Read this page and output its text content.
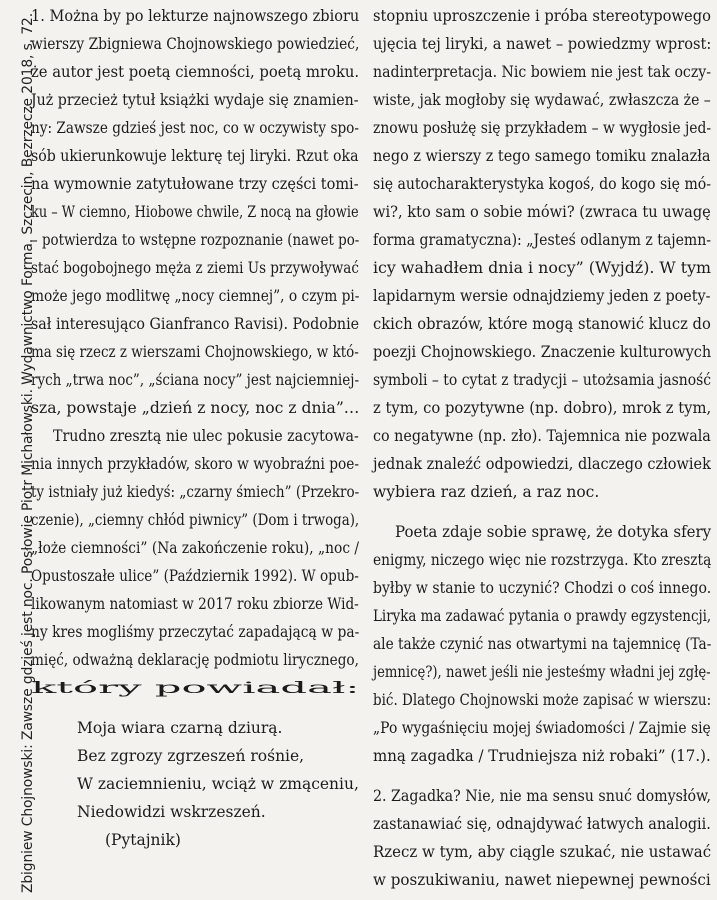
Zbigniew Chojnowski: Zawsze gdzieś jest noc. Posłowie Piotr Michałowski. Wydawnictwo Forma. Szczecin, Bezrzecze 2018, s. 72.

1. Można by po lekturze najnowszego zbioru

wierszy Zbigniewa Chojnowskiego powiedzieć,

że autor jest poetą ciemności, poetą mroku.

Już przecież tytuł książki wydaje się znamien-

ny: Zawsze gdzieś jest noc, co w oczywisty spo-

sób ukierunkowuje lekturę tej liryki. Rzut oka

na wymownie zatytułowane trzy części tomi-

ku – W ciemno, Hiobowe chwile, Z nocą na głowie

– potwierdza to wstępne rozpoznanie (nawet po-

stać bogobojnego męża z ziemi Us przywoływać

może jego modlitwę „nocy ciemnej”, o czym pi-

sał interesująco Gianfranco Ravisi). Podobnie

ma się rzecz z wierszami Chojnowskiego, w któ-

rych „trwa noc”, „ściana nocy” jest najciemniej-

sza, powstaje „dzień z nocy, noc z dnia”…

Trudno zresztą nie ulec pokusie zacytowa-

nia innych przykładów, skoro w wyobraźni poe-

ty istniały już kiedyś: „czarny śmiech” (Przekro-

czenie), „ciemny chłód piwnicy” (Dom i trwoga),

„łoże ciemności” (Na zakończenie roku), „noc /

Opustoszałe ulice” (Październik 1992). W opub-

likowanym natomiast w 2017 roku zbiorze Wid-

ny kres mogliśmy przeczytać zapadającą w pa-

mięć, odważną deklarację podmiotu lirycznego,

który powiadał:

Moja wiara czarną dziurą.

Bez zgrozy zgrzeszeń rośnie,

W zaciemnieniu, wciąż w zmąceniu,

Niedowidzi wskrzeszeń.

(Pytajnik)

stopniu uproszczenie i próba stereotypowego

ujęcia tej liryki, a nawet – powiedzmy wprost:

nadinterpretacja. Nic bowiem nie jest tak oczy-

wiste, jak mogłoby się wydawać, zwłaszcza że –

znowu posłużę się przykładem – w wygłosie jed-

nego z wierszy z tego samego tomiku znalazła

się autocharakterystyka kogoś, do kogo się mó-

wi?, kto sam o sobie mówi? (zwraca tu uwagę

forma gramatyczna): „Jesteś odlanym z tajemn-

icy wahadłem dnia i nocy” (Wyjdź). W tym

lapidarnym wersie odnajdziemy jeden z poety-

ckich obrazów, które mogą stanowić klucz do

poezji Chojnowskiego. Znaczenie kulturowych

symboli – to cytat z tradycji – utożsamia jasność

z tym, co pozytywne (np. dobro), mrok z tym,

co negatywne (np. zło). Tajemnica nie pozwala

jednak znaleźć odpowiedzi, dlaczego człowiek

wybiera raz dzień, a raz noc.

Poeta zdaje sobie sprawę, że dotyka sfery

enigmy, niczego więc nie rozstrzyga. Kto zresztą

byłby w stanie to uczynić? Chodzi o coś innego.

Liryka ma zadawać pytania o prawdy egzystencji,

ale także czynić nas otwartymi na tajemnicę (Ta-

jemnicę?), nawet jeśli nie jesteśmy władni jej zgłę-

bić. Dlatego Chojnowski może zapisać w wierszu:

„Po wygaśnięciu mojej świadomości / Zajmie się

mną zagadka / Trudniejsza niż robaki” (17.).

2. Zagadka? Nie, nie ma sensu snuć domysłów,

zastanawiać się, odnajdywać łatwych analogii.

Rzecz w tym, aby ciągle szukać, nie ustawać

w poszukiwaniu, nawet niepewnej pewności
